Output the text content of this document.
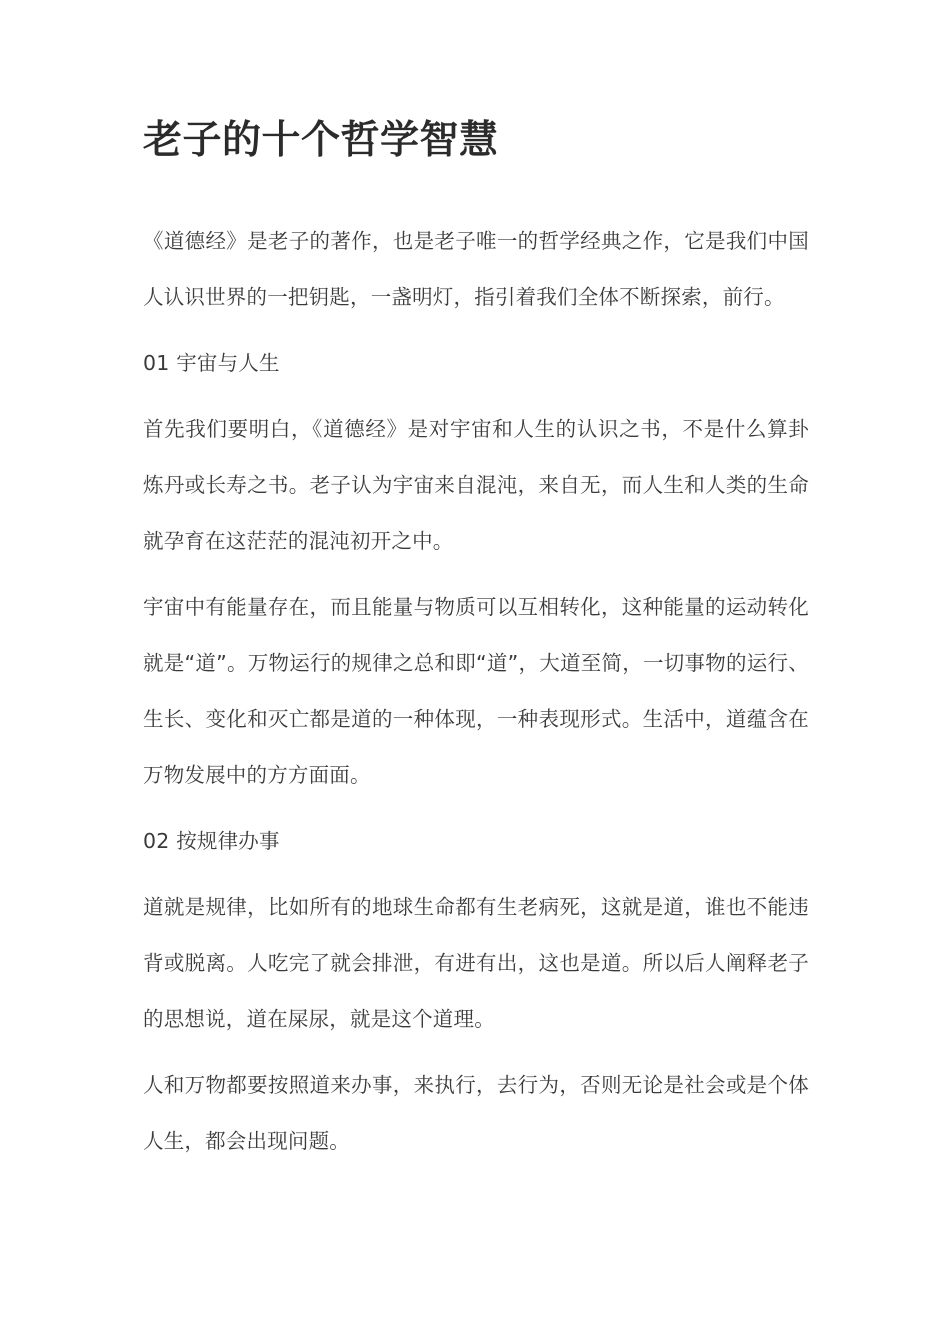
老子的十个哲学智慧

《道德经》是老子的著作，也是老子唯一的哲学经典之作，它是我们中国人认识世界的一把钥匙，一盏明灯，指引着我们全体不断探索，前行。

01 宇宙与人生

首先我们要明白，《道德经》是对宇宙和人生的认识之书，不是什么算卦炼丹或长寿之书。老子认为宇宙来自混沌，来自无，而人生和人类的生命就孕育在这茫茫的混沌初开之中。

宇宙中有能量存在，而且能量与物质可以互相转化，这种能量的运动转化就是“道”。万物运行的规律之总和即“道”，大道至简，一切事物的运行、生长、变化和灭亡都是道的一种体现，一种表现形式。生活中，道蕴含在万物发展中的方方面面。

02 按规律办事

道就是规律，比如所有的地球生命都有生老病死，这就是道，谁也不能违背或脱离。人吃完了就会排泄，有进有出，这也是道。所以后人阐释老子的思想说，道在屎尿，就是这个道理。

人和万物都要按照道来办事，来执行，去行为，否则无论是社会或是个体人生，都会出现问题。
